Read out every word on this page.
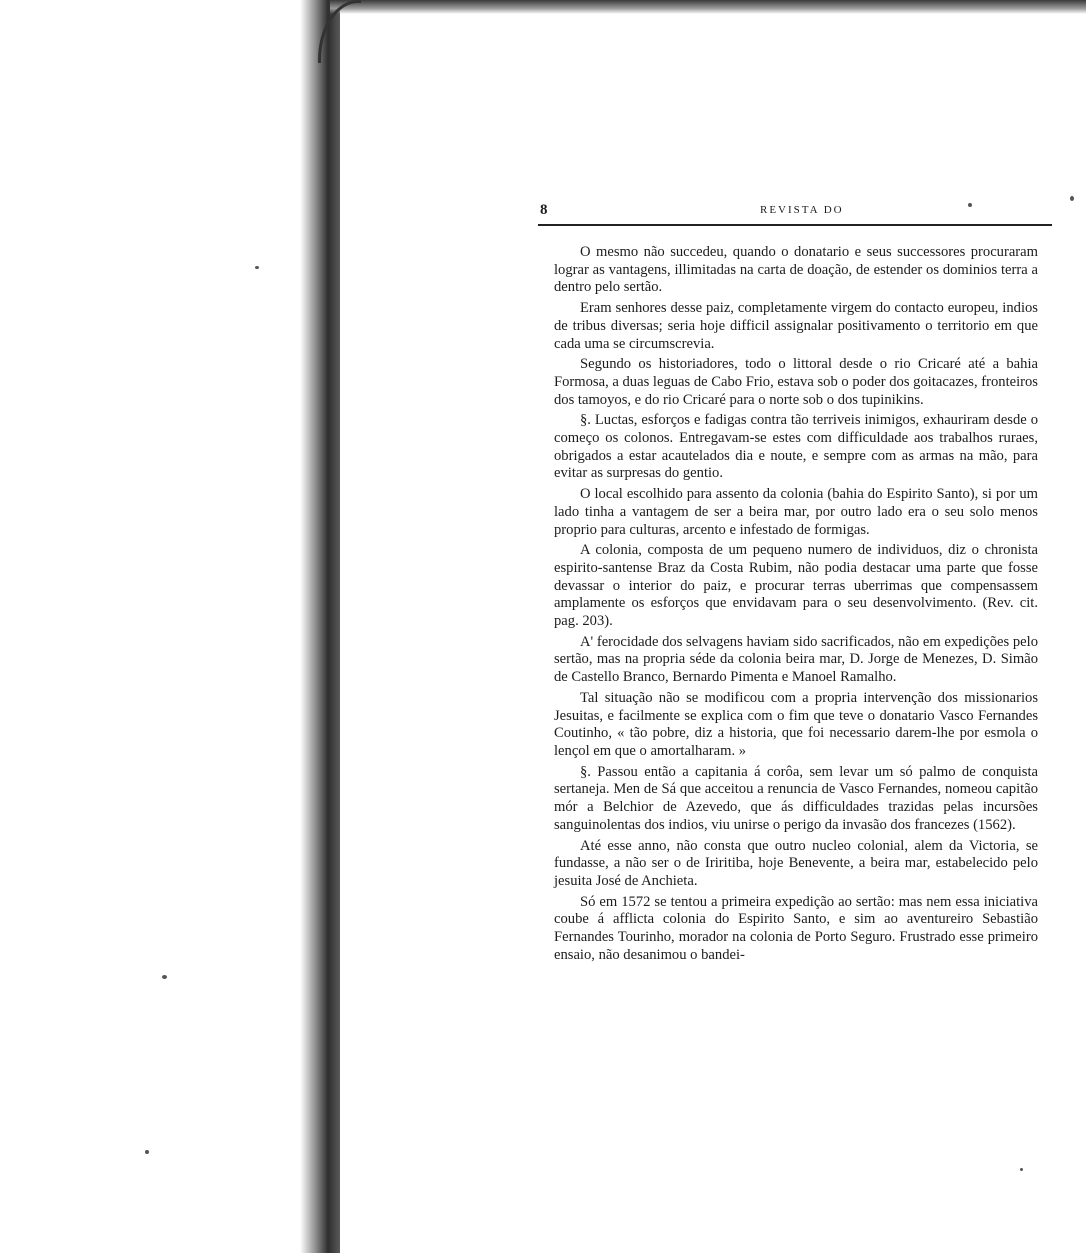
8	REVISTA DO

O mesmo não succedeu, quando o donatario e seus successores procuraram lograr as vantagens, illimitadas na carta de doação, de estender os dominios terra a dentro pelo sertão.

Eram senhores desse paiz, completamente virgem do contacto europeu, indios de tribus diversas; seria hoje difficil assignalar positivamento o territorio em que cada uma se circumscrevia.

Segundo os historiadores, todo o littoral desde o rio Cricaré até a bahia Formosa, a duas leguas de Cabo Frio, estava sob o poder dos goitacazes, fronteiros dos tamoyos, e do rio Cricaré para o norte sob o dos tupinikins.

§. Luctas, esforços e fadigas contra tão terriveis inimigos, exhauriram desde o começo os colonos. Entregavam-se estes com difficuldade aos trabalhos ruraes, obrigados a estar acautelados dia e noute, e sempre com as armas na mão, para evitar as surpresas do gentio.

O local escolhido para assento da colonia (bahia do Espirito Santo), si por um lado tinha a vantagem de ser a beira mar, por outro lado era o seu solo menos proprio para culturas, arcento e infestado de formigas.

A colonia, composta de um pequeno numero de individuos, diz o chronista espirito-santense Braz da Costa Rubim, não podia destacar uma parte que fosse devassar o interior do paiz, e procurar terras uberrimas que compensassem amplamente os esforços que envidavam para o seu desenvolvimento. (Rev. cit. pag. 203).

A' ferocidade dos selvagens haviam sido sacrificados, não em expedições pelo sertão, mas na propria séde da colonia beira mar, D. Jorge de Menezes, D. Simão de Castello Branco, Bernardo Pimenta e Manoel Ramalho.

Tal situação não se modificou com a propria intervenção dos missionarios Jesuitas, e facilmente se explica com o fim que teve o donatario Vasco Fernandes Coutinho, « tão pobre, diz a historia, que foi necessario darem-lhe por esmola o lençol em que o amortalharam. »

§. Passou então a capitania á corôa, sem levar um só palmo de conquista sertaneja. Men de Sá que acceitou a renuncia de Vasco Fernandes, nomeou capitão mór a Belchior de Azevedo, que ás difficuldades trazidas pelas incursões sanguinolentas dos indios, viu unirse o perigo da invasão dos francezes (1562).

Até esse anno, não consta que outro nucleo colonial, alem da Victoria, se fundasse, a não ser o de Iriritiba, hoje Benevente, a beira mar, estabelecido pelo jesuita José de Anchieta.

Só em 1572 se tentou a primeira expedição ao sertão: mas nem essa iniciativa coube á afflicta colonia do Espirito Santo, e sim ao aventureiro Sebastião Fernandes Tourinho, morador na colonia de Porto Seguro. Frustrado esse primeiro ensaio, não desanimou o bandei-
